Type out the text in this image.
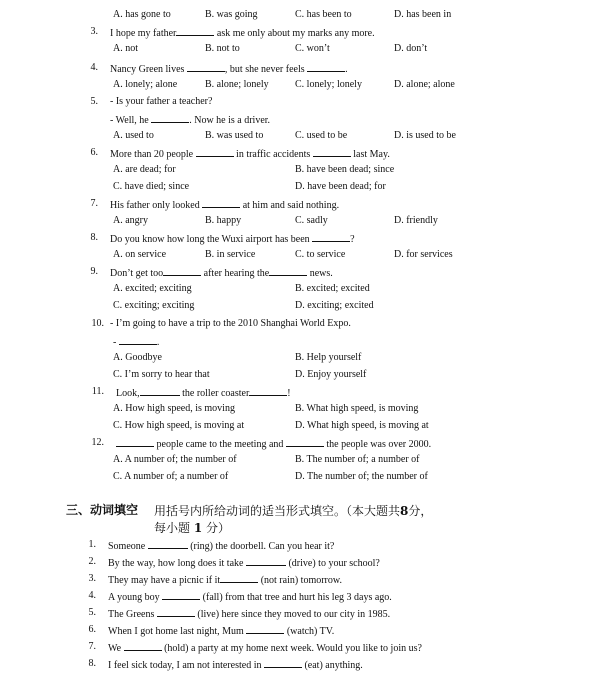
A. has gone to	B. was going	C. has been to	D. has been in
3. I hope my father	ask me only about my marks any more.
A. not	B. not to	C. won’t	D. don’t
4. Nancy Green lives	, but she never feels	.
A. lonely; alone	B. alone; lonely	C. lonely; lonely	D. alone; alone
5. - Is your father a teacher?
- Well, he	. Now he is a driver.
A. used to	B. was used to	C. used to be	D. is used to be
6. More than 20 people	in traffic accidents	last May.
A. are dead; for	B. have been dead; since
C. have died; since	D. have been dead; for
7. His father only looked	at him and said nothing.
A. angry	B. happy	C. sadly	D. friendly
8. Do you know how long the Wuxi airport has been	?
A. on service	B. in service	C. to service	D. for services
9. Don’t get too	after hearing the	news.
A. excited; exciting	B. excited; excited
C. exciting; exciting	D. exciting; excited
10. - I’m going to have a trip to the 2010 Shanghai World Expo.
-	.
A. Goodbye	B. Help yourself
C. I’m sorry to hear that	D. Enjoy yourself
11. Look,	the roller coaster	!
A. How high speed, is moving	B. What high speed, is moving
C. How high speed, is moving at	D. What high speed, is moving at
12.	people came to the meeting and	the people was over 2000.
A. A number of; the number of	B. The number of; a number of
C. A number of; a number of	D. The number of; the number of
三、动词填空 用括号内所给动词的适当形式填空。（本大题共8分，
每小题 1 分）
1. Someone	(ring) the doorbell. Can you hear it?
2. By the way, how long does it take	(drive) to your school?
3. They may have a picnic if it	(not rain) tomorrow.
4. A young boy	(fall) from that tree and hurt his leg 3 days ago.
5. The Greens	(live) here since they moved to our city in 1985.
6. When I got home last night, Mum	(watch) TV.
7. We	(hold) a party at my home next week. Would you like to join us?
8. I feel sick today, I am not interested in	(eat) anything.
